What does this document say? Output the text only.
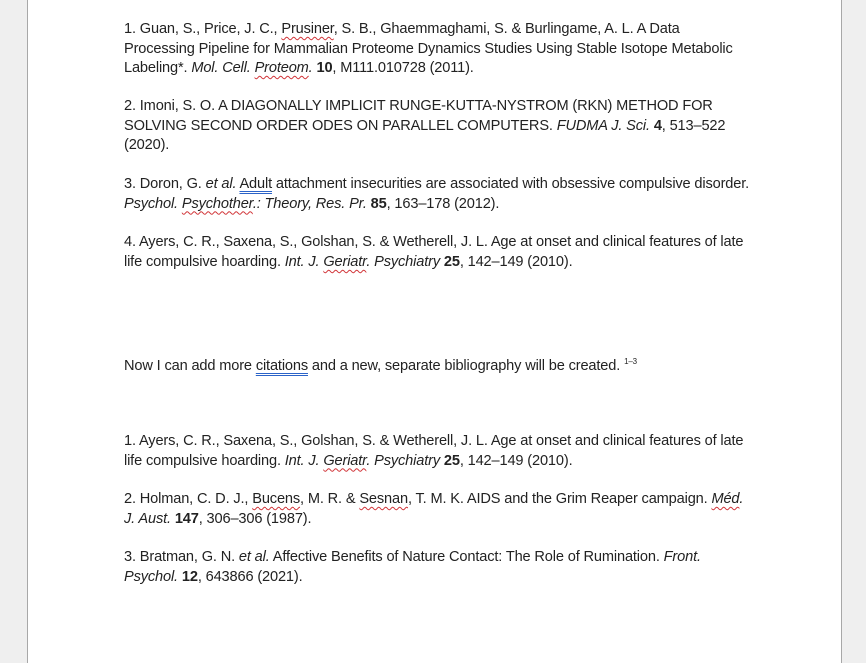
1. Guan, S., Price, J. C., Prusiner, S. B., Ghaemmaghami, S. & Burlingame, A. L. A Data Processing Pipeline for Mammalian Proteome Dynamics Studies Using Stable Isotope Metabolic Labeling*. Mol. Cell. Proteom. 10, M111.010728 (2011).

2. Imoni, S. O. A DIAGONALLY IMPLICIT RUNGE-KUTTA-NYSTROM (RKN) METHOD FOR SOLVING SECOND ORDER ODES ON PARALLEL COMPUTERS. FUDMA J. Sci. 4, 513–522 (2020).

3. Doron, G. et al. Adult attachment insecurities are associated with obsessive compulsive disorder. Psychol. Psychother.: Theory, Res. Pr. 85, 163–178 (2012).

4. Ayers, C. R., Saxena, S., Golshan, S. & Wetherell, J. L. Age at onset and clinical features of late life compulsive hoarding. Int. J. Geriatr. Psychiatry 25, 142–149 (2010).

Now I can add more citations and a new, separate bibliography will be created. $^{1-3}$

1. Ayers, C. R., Saxena, S., Golshan, S. & Wetherell, J. L. Age at onset and clinical features of late life compulsive hoarding. Int. J. Geriatr. Psychiatry 25, 142–149 (2010).

2. Holman, C. D. J., Bucens, M. R. & Sesnan, T. M. K. AIDS and the Grim Reaper campaign. Méd. J. Aust. 147, 306–306 (1987).

3. Bratman, G. N. et al. Affective Benefits of Nature Contact: The Role of Rumination. Front. Psychol. 12, 643866 (2021).
